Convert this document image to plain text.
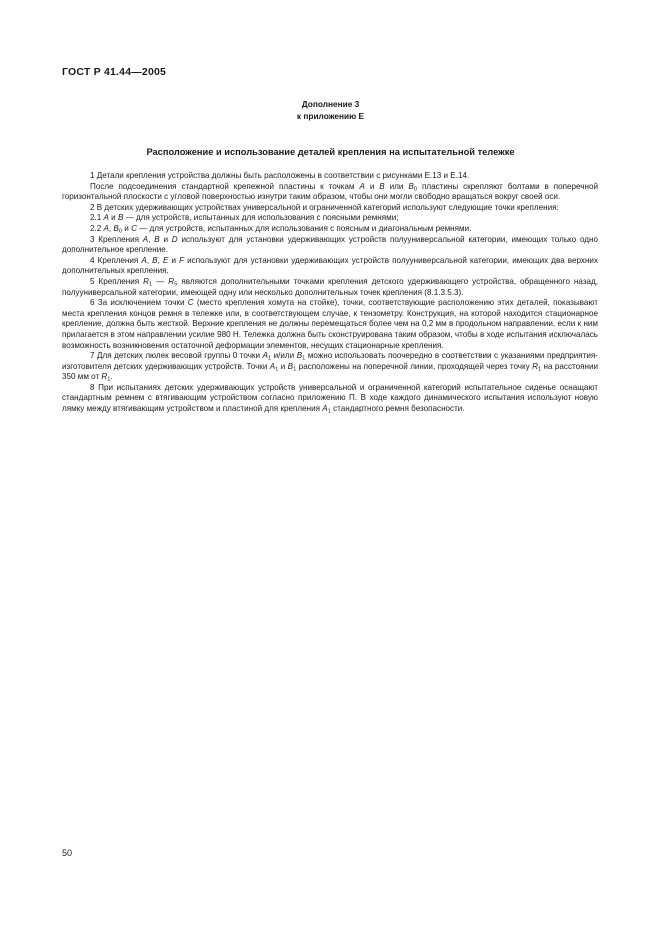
ГОСТ Р 41.44—2005
Дополнение 3
к приложению Е
Расположение и использование деталей крепления на испытательной тележке

1 Детали крепления устройства должны быть расположены в соответствии с рисунками Е.13 и Е.14.

После подсоединения стандартной крепежной пластины к точкам A и B или $B_0$ пластины скрепляют болтами в поперечной горизонтальной плоскости с угловой поверхностью изнутри таким образом, чтобы они могли свободно вращаться вокруг своей оси.

2 В детских удерживающих устройствах универсальной и ограниченной категорий используют следующие точки крепления:

2.1 A и B — для устройств, испытанных для использования с поясными ремнями;

2.2 A, $B_0$ и C — для устройств, испытанных для использования с поясным и диагональным ремнями.

3 Крепления A, B и D используют для установки удерживающих устройств полууниверсальной категории, имеющих только одно дополнительное крепление.

4 Крепления A, B, E и F используют для установки удерживающих устройств полууниверсальной категории, имеющих два верхних дополнительных крепления.

5 Крепления $R_1$ — $R_5$ являются дополнительными точками крепления детского удерживающего устройства, обращенного назад, полууниверсальной категории, имеющей одну или несколько дополнительных точек крепления (8.1.3.5.3).

6 За исключением точки C (место крепления хомута на стойке), точки, соответствующие расположению этих деталей, показывают места крепления концов ремня в тележке или, в соответствующем случае, к тензометру. Конструкция, на которой находится стационарное крепление, должна быть жесткой. Верхние крепления не должны перемещаться более чем на 0,2 мм в продольном направлении, если к ним прилагается в этом направлении усилие 980 Н. Тележка должна быть сконструирована таким образом, чтобы в ходе испытания исключалась возможность возникновения остаточной деформации элементов, несущих стационарные крепления.

7 Для детских люлек весовой группы 0 точки $A_1$ и/или $B_1$ можно использовать поочередно в соответствии с указаниями предприятия-изготовителя детских удерживающих устройств. Точки $A_1$ и $B_1$ расположены на поперечной линии, проходящей через точку $R_1$ на расстоянии 350 мм от $R_1$.

8 При испытаниях детских удерживающих устройств универсальной и ограниченной категорий испытательное сиденье оснащают стандартным ремнем с втягивающим устройством согласно приложению П. В ходе каждого динамического испытания используют новую лямку между втягивающим устройством и пластиной для крепления $A_1$ стандартного ремня безопасности.

50
